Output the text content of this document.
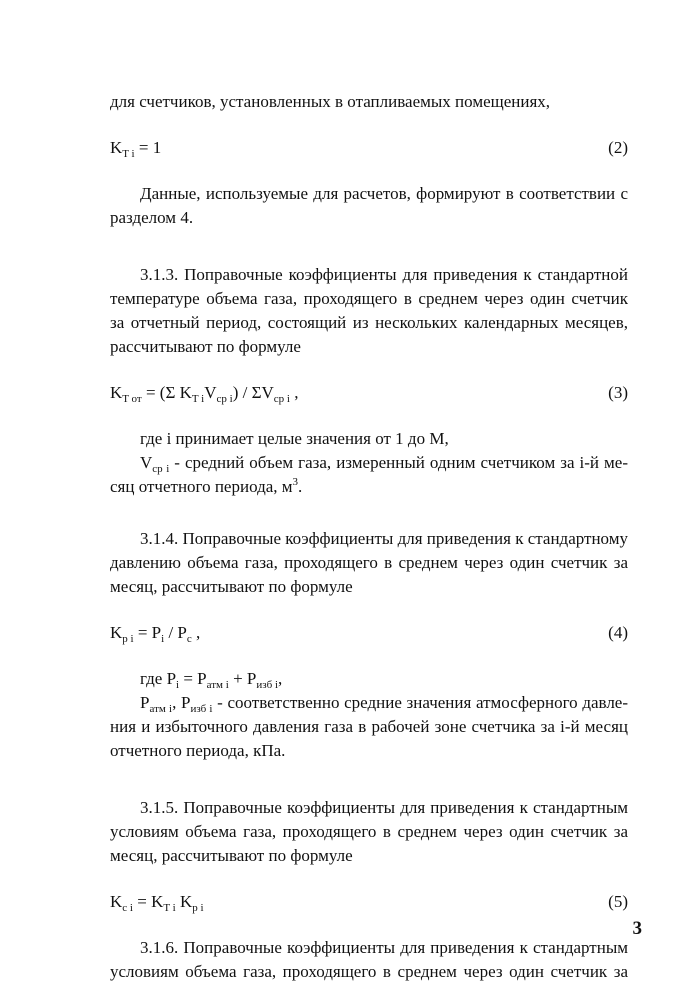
для счетчиков, установленных в отапливаемых помещениях,

$K_{T i} = 1$	(2)

Данные, используемые для расчетов, формируют в соответствии с разделом 4.

3.1.3. Поправочные коэффициенты для приведения к стандартной температуре объема газа, проходящего в среднем через один счетчик за отчетный период, состоящий из нескольких календарных месяцев, рассчитывают по формуле

$K_{T от} = (\Sigma$ $K_{T i}V_{ср i}) / \Sigma V_{ср i}$ ,	(3)

где i принимает целые значения от 1 до М,

$V_{ср i}$ - средний объем газа, измеренный одним счетчиком за i-й ме-

сяц отчетного периода, $м^3$.

3.1.4. Поправочные коэффициенты для приведения к стандартному давлению объема газа, проходящего в среднем через один счетчик за месяц, рассчитывают по формуле

$K_{p i} = P_i / P_с$ ,	(4)

где $P_i = P_{атм i} + P_{изб i}$,

$P_{атм i}$, $P_{изб i}$ - соответственно средние значения атмосферного давле-

ния и избыточного давления газа в рабочей зоне счетчика за i-й месяц

отчетного периода, кПа.

3.1.5. Поправочные коэффициенты для приведения к стандартным условиям объема газа, проходящего в среднем через один счетчик за месяц, рассчитывают по формуле

$K_{с i} = K_{T i}$ $K_{p i}$	(5)

3.1.6. Поправочные коэффициенты для приведения к стандартным условиям объема газа, проходящего в среднем через один счетчик за

3
